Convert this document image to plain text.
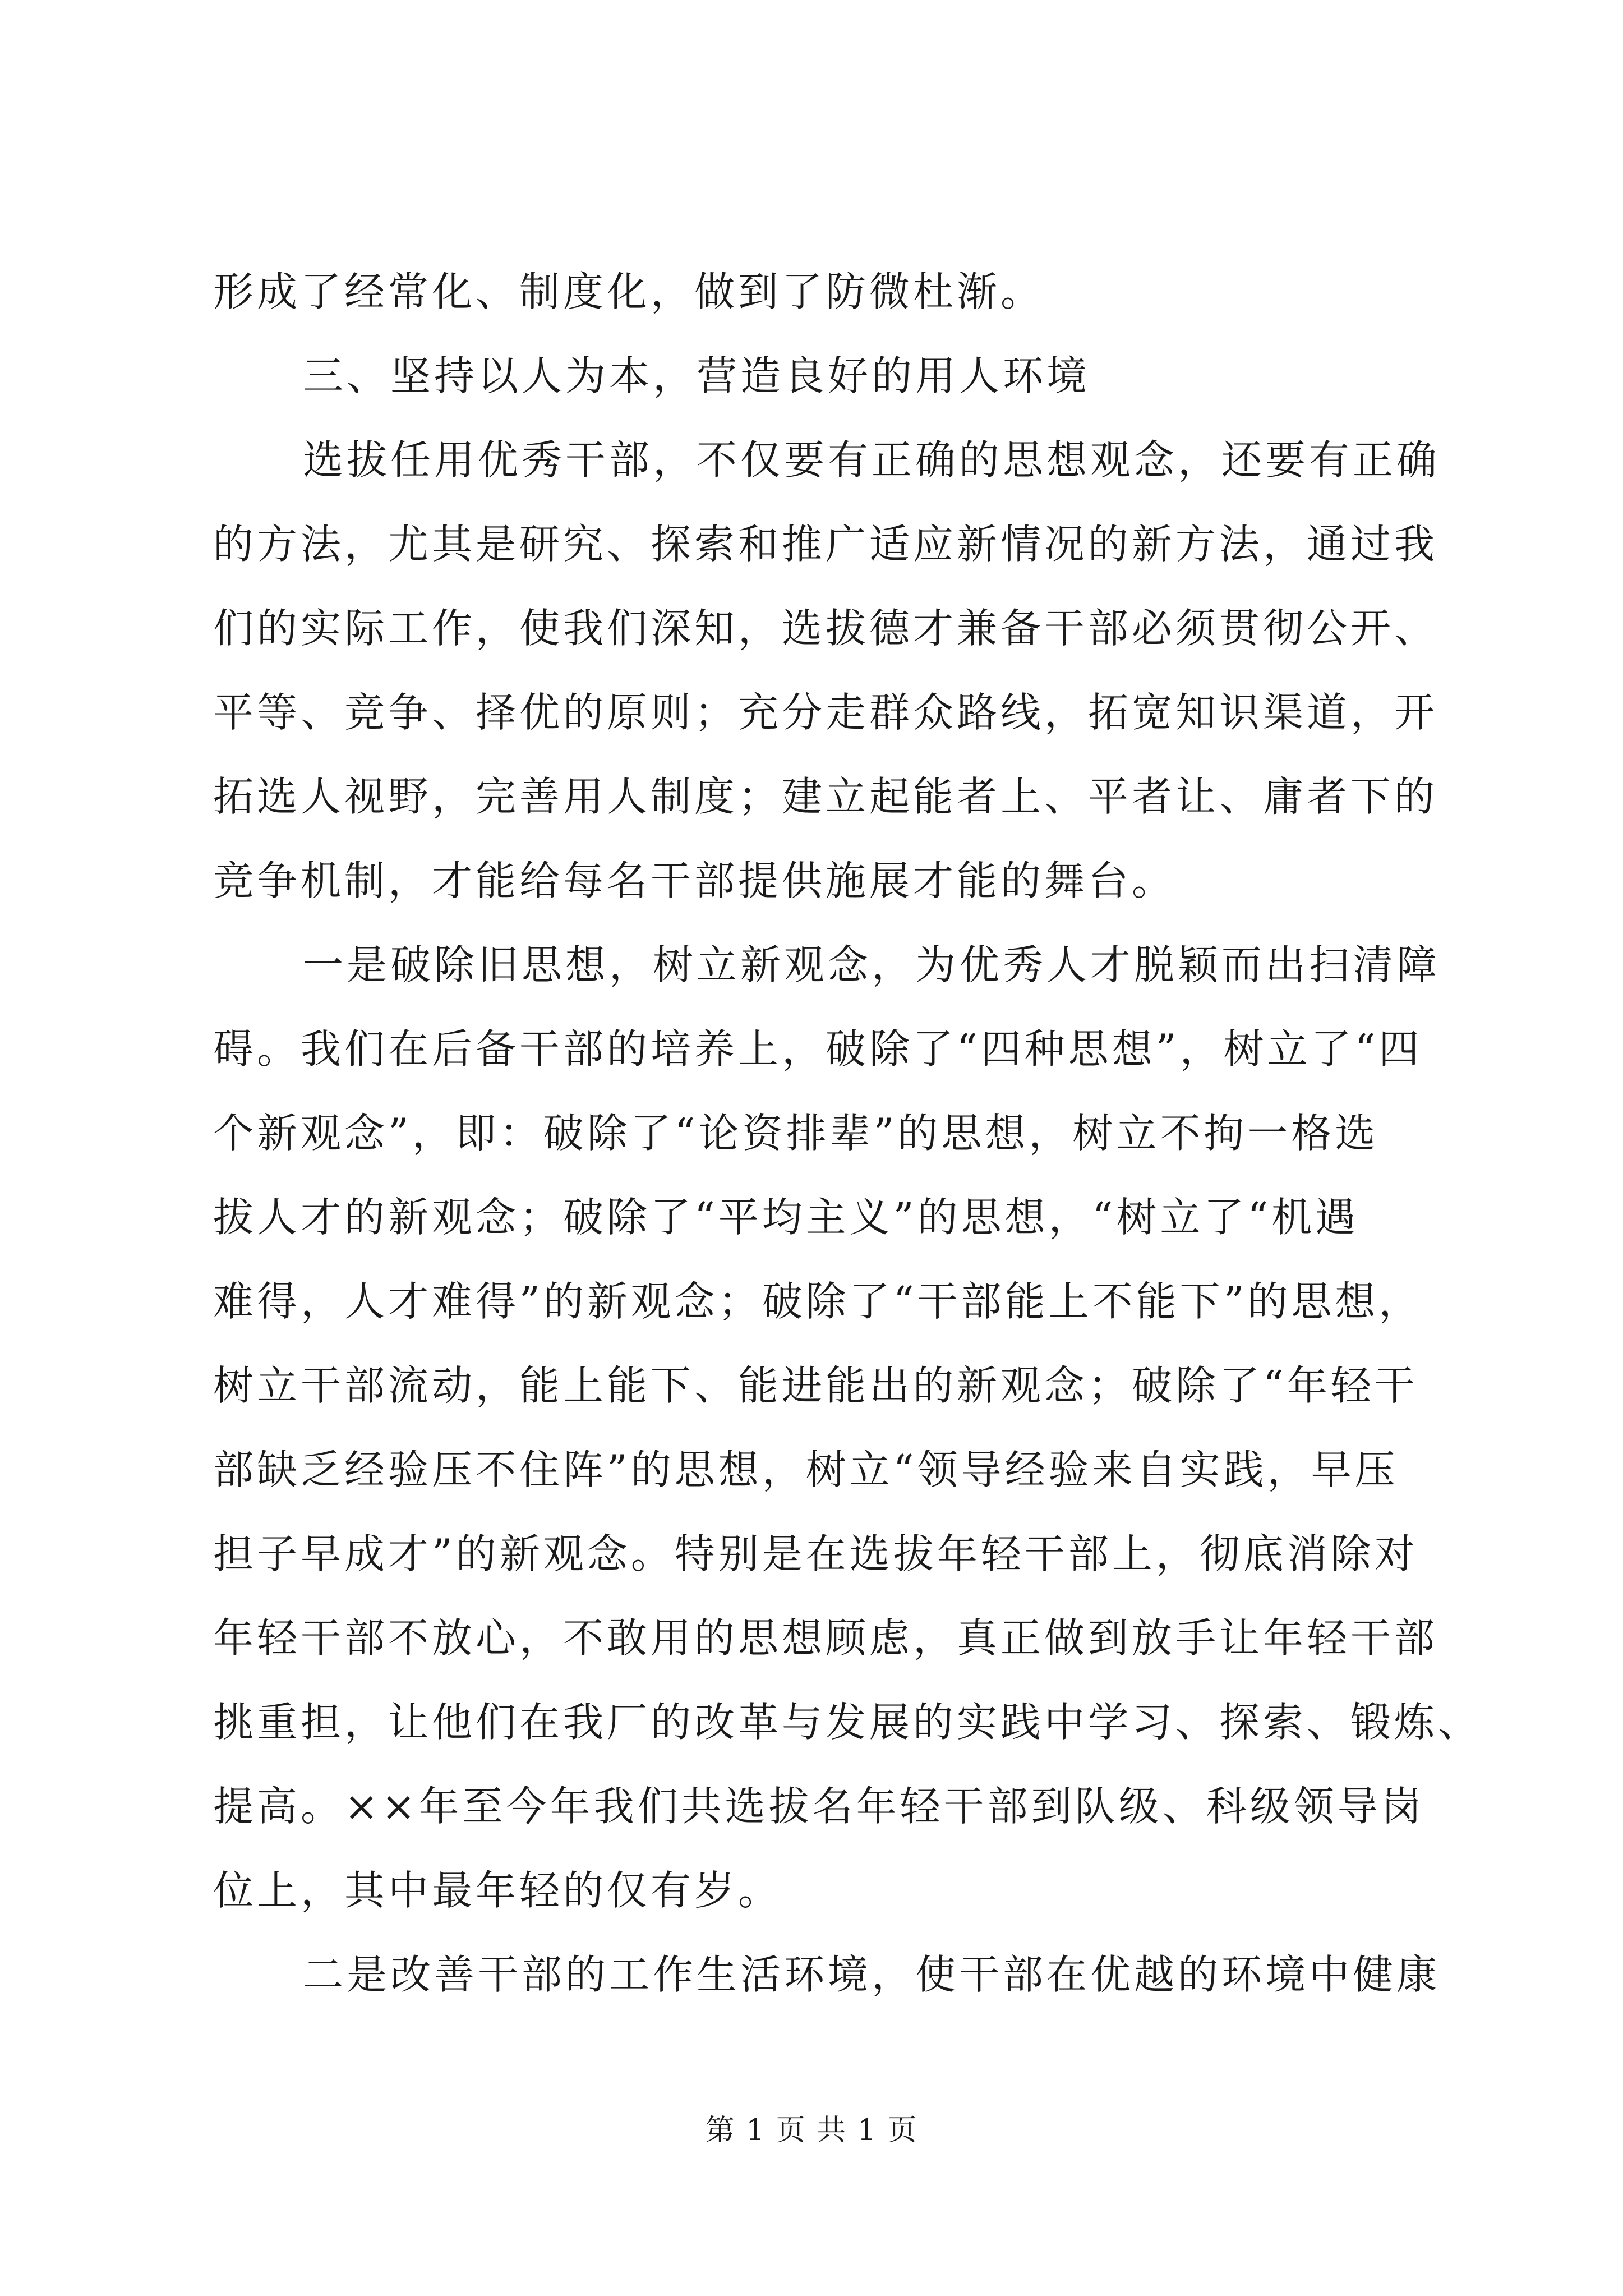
形成了经常化、制度化，做到了防微杜渐。
三、坚持以人为本，营造良好的用人环境
选拔任用优秀干部，不仅要有正确的思想观念，还要有正确
的方法，尤其是研究、探索和推广适应新情况的新方法，通过我
们的实际工作，使我们深知，选拔德才兼备干部必须贯彻公开、
平等、竞争、择优的原则；充分走群众路线，拓宽知识渠道，开
拓选人视野，完善用人制度；建立起能者上、平者让、庸者下的
竞争机制，才能给每名干部提供施展才能的舞台。
一是破除旧思想，树立新观念，为优秀人才脱颖而出扫清障
碍。我们在后备干部的培养上，破除了“四种思想”，树立了“四
个新观念”，即：破除了“论资排辈”的思想，树立不拘一格选
拔人才的新观念；破除了“平均主义”的思想，“树立了“机遇
难得，人才难得”的新观念；破除了“干部能上不能下”的思想，
树立干部流动，能上能下、能进能出的新观念；破除了“年轻干
部缺乏经验压不住阵”的思想，树立“领导经验来自实践，早压
担子早成才”的新观念。特别是在选拔年轻干部上，彻底消除对
年轻干部不放心，不敢用的思想顾虑，真正做到放手让年轻干部
挑重担，让他们在我厂的改革与发展的实践中学习、探索、锻炼、
提高。××年至今年我们共选拔名年轻干部到队级、科级领导岗
位上，其中最年轻的仅有岁。
二是改善干部的工作生活环境，使干部在优越的环境中健康
第 1 页 共 1 页
